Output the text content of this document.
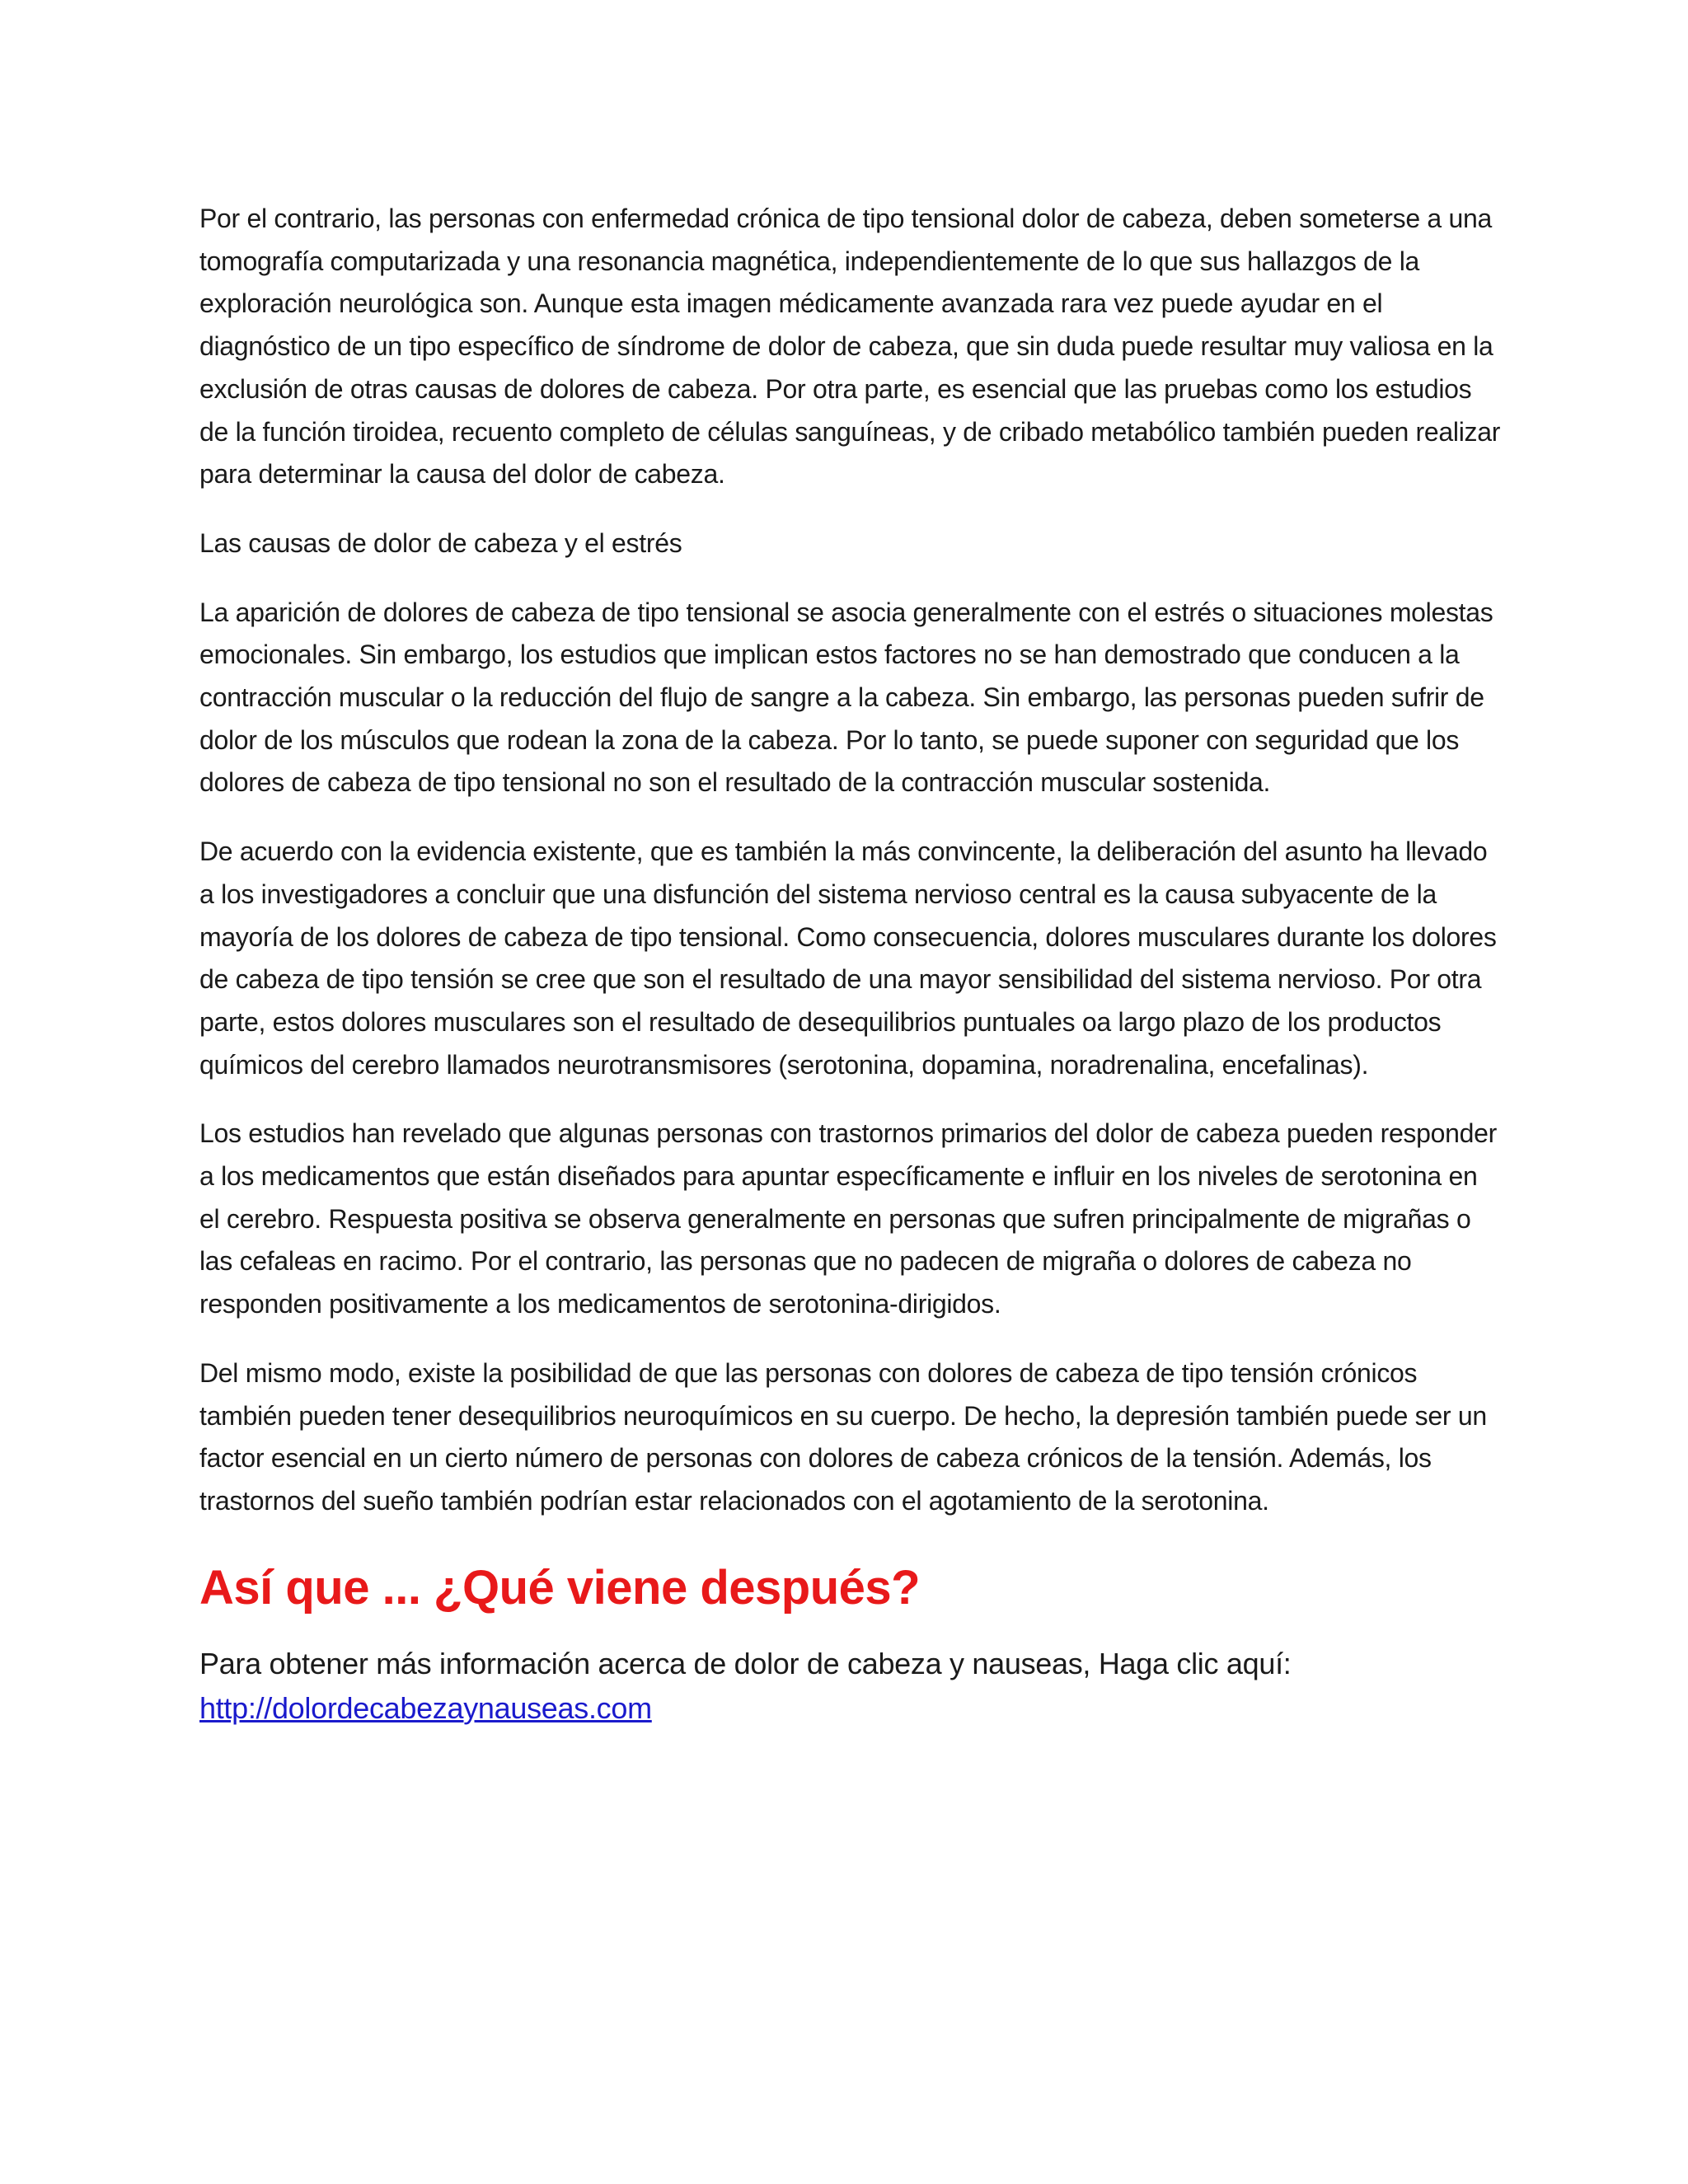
Por el contrario, las personas con enfermedad crónica de tipo tensional dolor de cabeza, deben someterse a una tomografía computarizada y una resonancia magnética, independientemente de lo que sus hallazgos de la exploración neurológica son. Aunque esta imagen médicamente avanzada rara vez puede ayudar en el diagnóstico de un tipo específico de síndrome de dolor de cabeza, que sin duda puede resultar muy valiosa en la exclusión de otras causas de dolores de cabeza. Por otra parte, es esencial que las pruebas como los estudios de la función tiroidea, recuento completo de células sanguíneas, y de cribado metabólico también pueden realizar para determinar la causa del dolor de cabeza.

Las causas de dolor de cabeza y el estrés

La aparición de dolores de cabeza de tipo tensional se asocia generalmente con el estrés o situaciones molestas emocionales. Sin embargo, los estudios que implican estos factores no se han demostrado que conducen a la contracción muscular o la reducción del flujo de sangre a la cabeza. Sin embargo, las personas pueden sufrir de dolor de los músculos que rodean la zona de la cabeza. Por lo tanto, se puede suponer con seguridad que los dolores de cabeza de tipo tensional no son el resultado de la contracción muscular sostenida.

De acuerdo con la evidencia existente, que es también la más convincente, la deliberación del asunto ha llevado a los investigadores a concluir que una disfunción del sistema nervioso central es la causa subyacente de la mayoría de los dolores de cabeza de tipo tensional. Como consecuencia, dolores musculares durante los dolores de cabeza de tipo tensión se cree que son el resultado de una mayor sensibilidad del sistema nervioso. Por otra parte, estos dolores musculares son el resultado de desequilibrios puntuales oa largo plazo de los productos químicos del cerebro llamados neurotransmisores (serotonina, dopamina, noradrenalina, encefalinas).

Los estudios han revelado que algunas personas con trastornos primarios del dolor de cabeza pueden responder a los medicamentos que están diseñados para apuntar específicamente e influir en los niveles de serotonina en el cerebro. Respuesta positiva se observa generalmente en personas que sufren principalmente de migrañas o las cefaleas en racimo. Por el contrario, las personas que no padecen de migraña o dolores de cabeza no responden positivamente a los medicamentos de serotonina-dirigidos.

Del mismo modo, existe la posibilidad de que las personas con dolores de cabeza de tipo tensión crónicos también pueden tener desequilibrios neuroquímicos en su cuerpo. De hecho, la depresión también puede ser un factor esencial en un cierto número de personas con dolores de cabeza crónicos de la tensión. Además, los trastornos del sueño también podrían estar relacionados con el agotamiento de la serotonina.

Así que ... ¿Qué viene después?

Para obtener más información acerca de dolor de cabeza y nauseas, Haga clic aquí:
http://dolordecabezaynauseas.com
